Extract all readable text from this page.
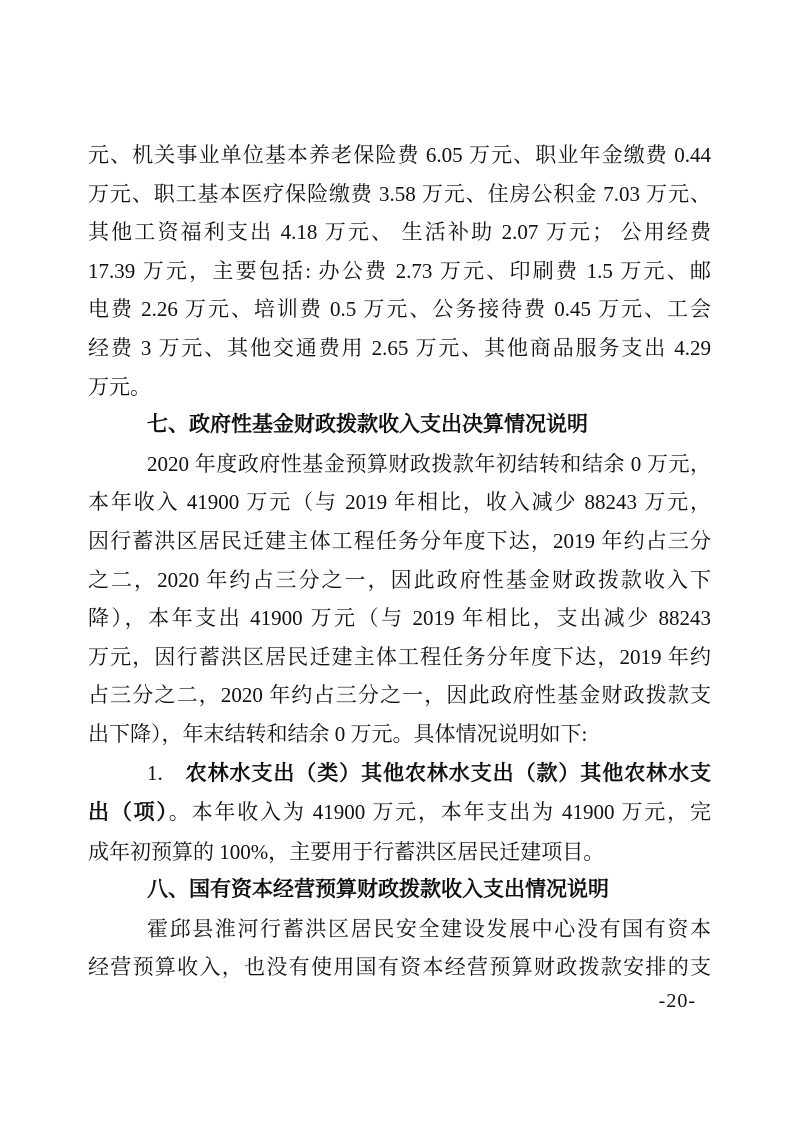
元、机关事业单位基本养老保险费 6.05 万元、职业年金缴费 0.44
万元、职工基本医疗保险缴费 3.58 万元、住房公积金 7.03 万元、
其他工资福利支出 4.18 万元、 生活补助 2.07 万元； 公用经费
17.39 万元，主要包括: 办公费 2.73 万元、印刷费 1.5 万元、邮
电费 2.26 万元、培训费 0.5 万元、公务接待费 0.45 万元、工会
经费 3 万元、其他交通费用 2.65 万元、其他商品服务支出 4.29
万元。
七、政府性基金财政拨款收入支出决算情况说明
2020 年度政府性基金预算财政拨款年初结转和结余 0 万元，
本年收入 41900 万元（与 2019 年相比，收入减少 88243 万元，
因行蓄洪区居民迁建主体工程任务分年度下达，2019 年约占三分
之二，2020 年约占三分之一，因此政府性基金财政拨款收入下
降），本年支出 41900 万元（与 2019 年相比，支出减少 88243
万元，因行蓄洪区居民迁建主体工程任务分年度下达，2019 年约
占三分之二，2020 年约占三分之一，因此政府性基金财政拨款支
出下降），年末结转和结余 0 万元。具体情况说明如下:
1. 农林水支出（类）其他农林水支出（款）其他农林水支
出（项）。本年收入为 41900 万元，本年支出为 41900 万元，完
成年初预算的 100%，主要用于行蓄洪区居民迁建项目。
八、国有资本经营预算财政拨款收入支出情况说明
霍邱县淮河行蓄洪区居民安全建设发展中心没有国有资本
经营预算收入，也没有使用国有资本经营预算财政拨款安排的支
-20-
